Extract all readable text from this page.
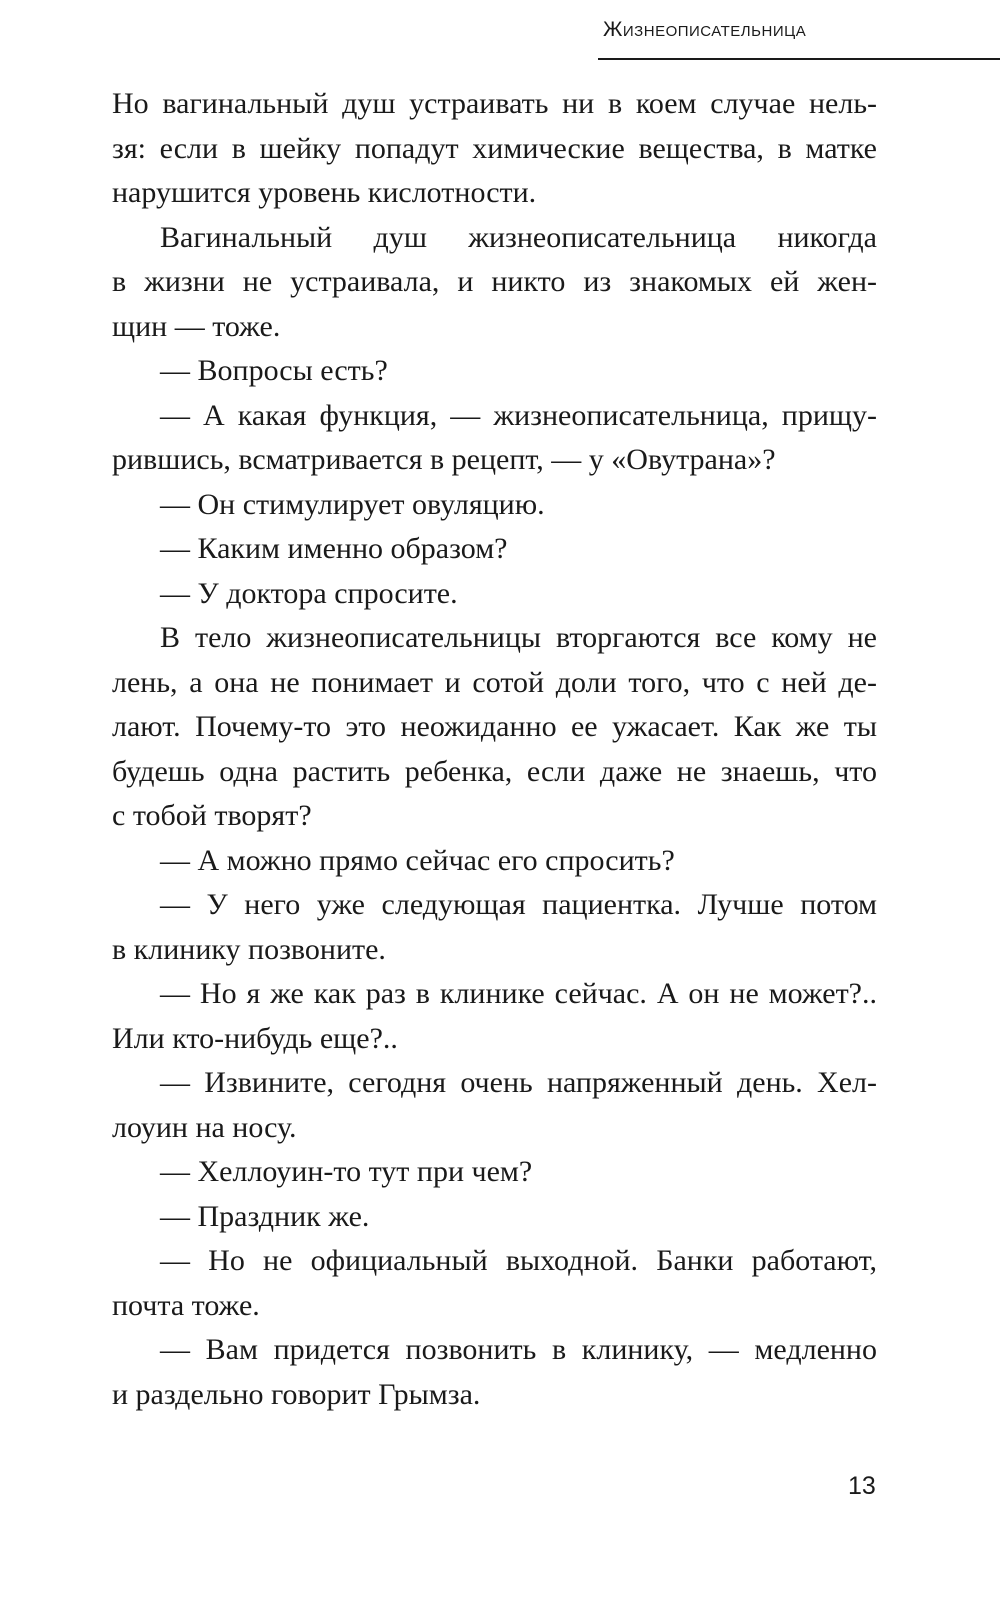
Жизнеописательница
Но вагинальный душ устраивать ни в коем случае нель-
зя: если в шейку попадут химические вещества, в матке
нарушится уровень кислотности.
Вагинальный душ жизнеописательница никогда
в жизни не устраивала, и никто из знакомых ей жен-
щин — тоже.
— Вопросы есть?
— А какая функция, — жизнеописательница, прищу-
рившись, всматривается в рецепт, — у «Овутрана»?
— Он стимулирует овуляцию.
— Каким именно образом?
— У доктора спросите.
В тело жизнеописательницы вторгаются все кому не
лень, а она не понимает и сотой доли того, что с ней де-
лают. Почему-то это неожиданно ее ужасает. Как же ты
будешь одна растить ребенка, если даже не знаешь, что
с тобой творят?
— А можно прямо сейчас его спросить?
— У него уже следующая пациентка. Лучше потом
в клинику позвоните.
— Но я же как раз в клинике сейчас. А он не может?..
Или кто-нибудь еще?..
— Извините, сегодня очень напряженный день. Хел-
лоуин на носу.
— Хеллоуин-то тут при чем?
— Праздник же.
— Но не официальный выходной. Банки работают,
почта тоже.
— Вам придется позвонить в клинику, — медленно
и раздельно говорит Грымза.
13
